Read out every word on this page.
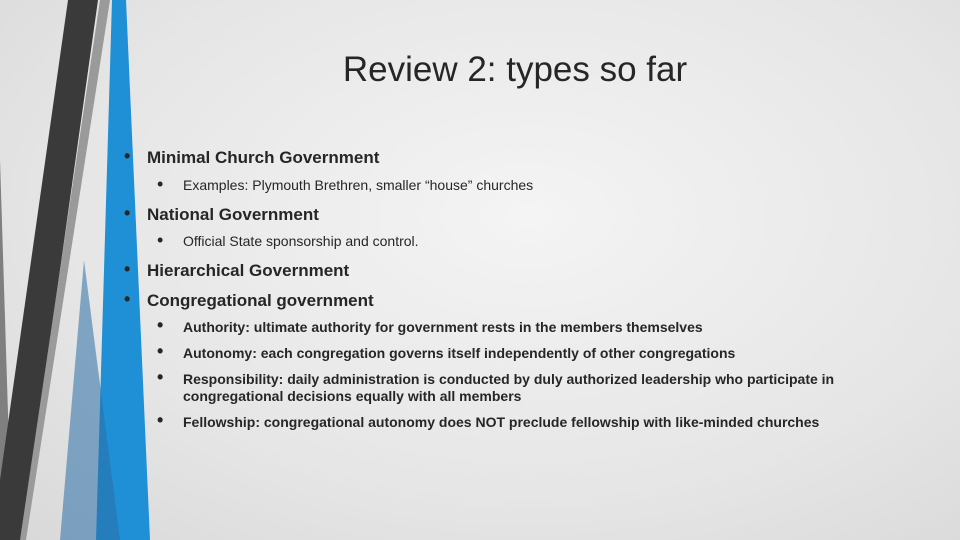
Review 2: types so far
• Minimal Church Government
• Examples: Plymouth Brethren, smaller “house” churches
• National Government
• Official State sponsorship and control.
• Hierarchical Government
• Congregational government
• Authority: ultimate authority for government rests in the members themselves
• Autonomy: each congregation governs itself independently of other congregations
• Responsibility: daily administration is conducted by duly authorized leadership who participate in congregational decisions equally with all members
• Fellowship: congregational autonomy does NOT preclude fellowship with like-minded churches
